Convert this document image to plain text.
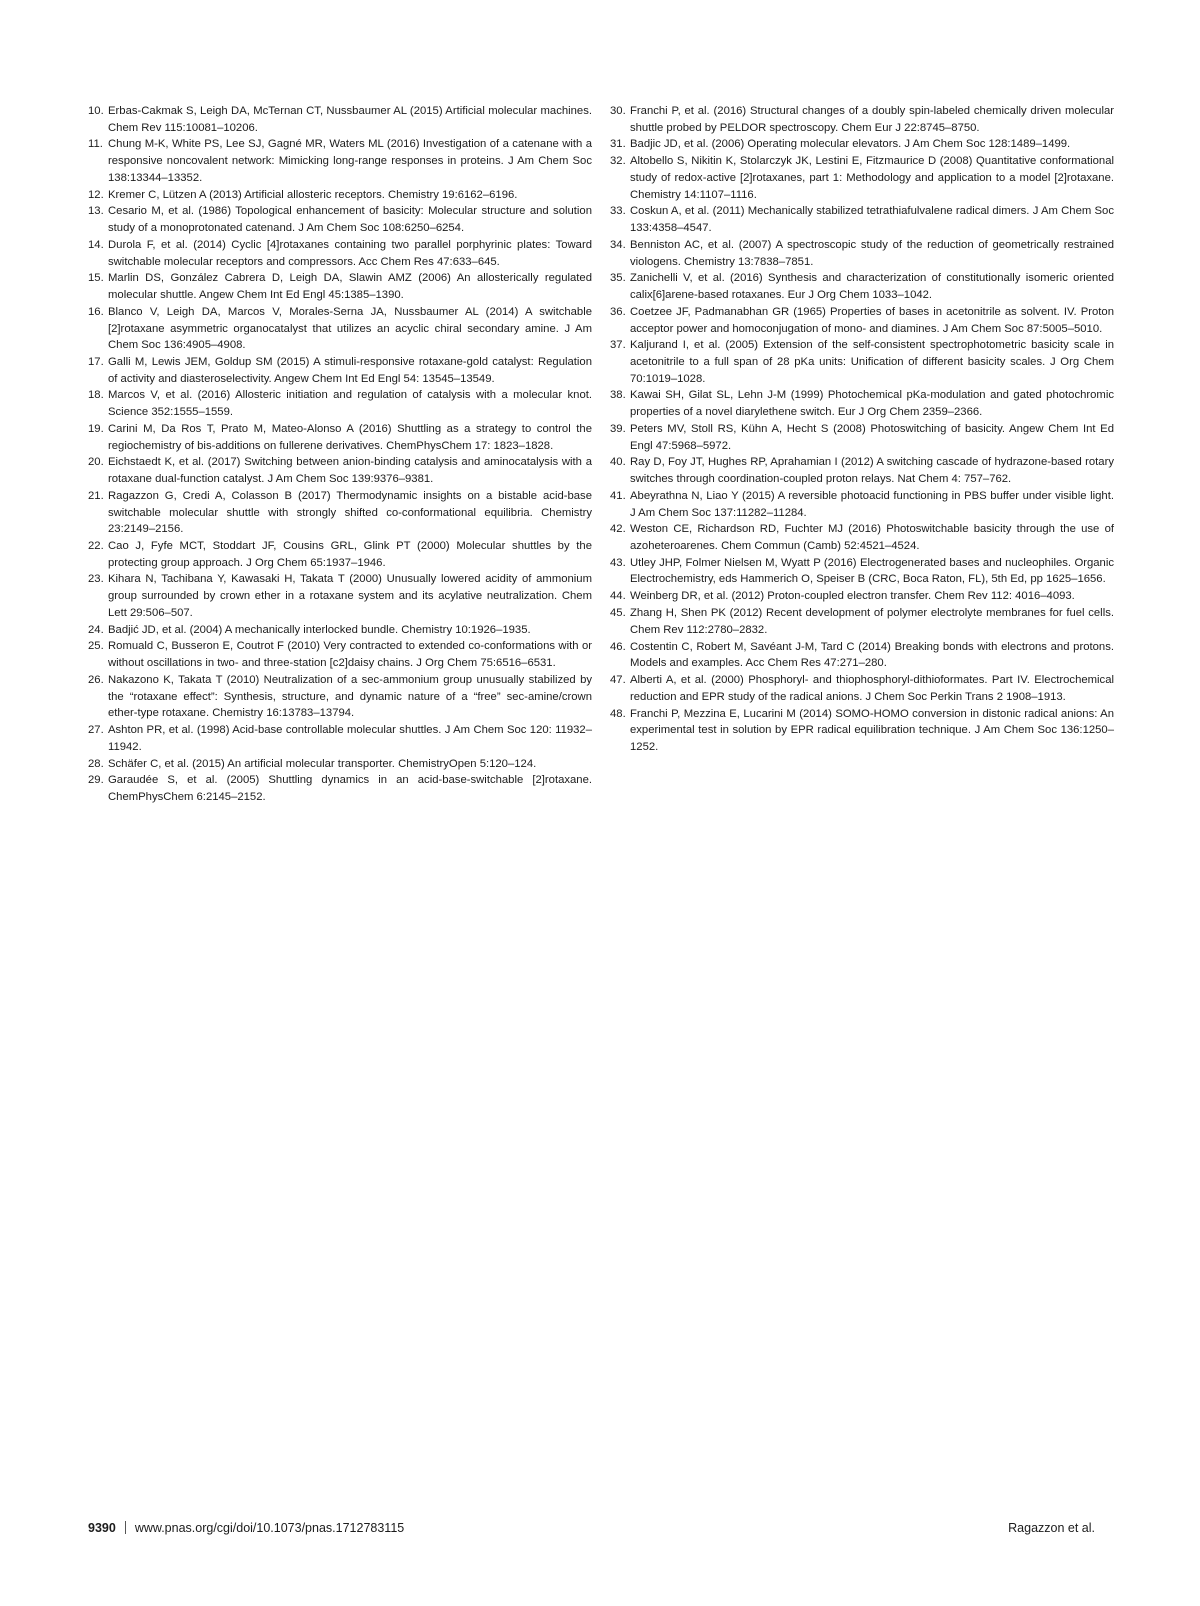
10. Erbas-Cakmak S, Leigh DA, McTernan CT, Nussbaumer AL (2015) Artificial molecular machines. Chem Rev 115:10081–10206.
11. Chung M-K, White PS, Lee SJ, Gagné MR, Waters ML (2016) Investigation of a catenane with a responsive noncovalent network: Mimicking long-range responses in proteins. J Am Chem Soc 138:13344–13352.
12. Kremer C, Lützen A (2013) Artificial allosteric receptors. Chemistry 19:6162–6196.
13. Cesario M, et al. (1986) Topological enhancement of basicity: Molecular structure and solution study of a monoprotonated catenand. J Am Chem Soc 108:6250–6254.
14. Durola F, et al. (2014) Cyclic [4]rotaxanes containing two parallel porphyrinic plates: Toward switchable molecular receptors and compressors. Acc Chem Res 47:633–645.
15. Marlin DS, González Cabrera D, Leigh DA, Slawin AMZ (2006) An allosterically regulated molecular shuttle. Angew Chem Int Ed Engl 45:1385–1390.
16. Blanco V, Leigh DA, Marcos V, Morales-Serna JA, Nussbaumer AL (2014) A switchable [2]rotaxane asymmetric organocatalyst that utilizes an acyclic chiral secondary amine. J Am Chem Soc 136:4905–4908.
17. Galli M, Lewis JEM, Goldup SM (2015) A stimuli-responsive rotaxane-gold catalyst: Regulation of activity and diasteroselectivity. Angew Chem Int Ed Engl 54: 13545–13549.
18. Marcos V, et al. (2016) Allosteric initiation and regulation of catalysis with a molecular knot. Science 352:1555–1559.
19. Carini M, Da Ros T, Prato M, Mateo-Alonso A (2016) Shuttling as a strategy to control the regiochemistry of bis-additions on fullerene derivatives. ChemPhysChem 17: 1823–1828.
20. Eichstaedt K, et al. (2017) Switching between anion-binding catalysis and aminocatalysis with a rotaxane dual-function catalyst. J Am Chem Soc 139:9376–9381.
21. Ragazzon G, Credi A, Colasson B (2017) Thermodynamic insights on a bistable acid-base switchable molecular shuttle with strongly shifted co-conformational equilibria. Chemistry 23:2149–2156.
22. Cao J, Fyfe MCT, Stoddart JF, Cousins GRL, Glink PT (2000) Molecular shuttles by the protecting group approach. J Org Chem 65:1937–1946.
23. Kihara N, Tachibana Y, Kawasaki H, Takata T (2000) Unusually lowered acidity of ammonium group surrounded by crown ether in a rotaxane system and its acylative neutralization. Chem Lett 29:506–507.
24. Badjić JD, et al. (2004) A mechanically interlocked bundle. Chemistry 10:1926–1935.
25. Romuald C, Busseron E, Coutrot F (2010) Very contracted to extended co-conformations with or without oscillations in two- and three-station [c2]daisy chains. J Org Chem 75:6516–6531.
26. Nakazono K, Takata T (2010) Neutralization of a sec-ammonium group unusually stabilized by the “rotaxane effect”: Synthesis, structure, and dynamic nature of a “free” sec-amine/crown ether-type rotaxane. Chemistry 16:13783–13794.
27. Ashton PR, et al. (1998) Acid-base controllable molecular shuttles. J Am Chem Soc 120: 11932–11942.
28. Schäfer C, et al. (2015) An artificial molecular transporter. ChemistryOpen 5:120–124.
29. Garaudée S, et al. (2005) Shuttling dynamics in an acid-base-switchable [2]rotaxane. ChemPhysChem 6:2145–2152.
30. Franchi P, et al. (2016) Structural changes of a doubly spin-labeled chemically driven molecular shuttle probed by PELDOR spectroscopy. Chem Eur J 22:8745–8750.
31. Badjic JD, et al. (2006) Operating molecular elevators. J Am Chem Soc 128:1489–1499.
32. Altobello S, Nikitin K, Stolarczyk JK, Lestini E, Fitzmaurice D (2008) Quantitative conformational study of redox-active [2]rotaxanes, part 1: Methodology and application to a model [2]rotaxane. Chemistry 14:1107–1116.
33. Coskun A, et al. (2011) Mechanically stabilized tetrathiafulvalene radical dimers. J Am Chem Soc 133:4358–4547.
34. Benniston AC, et al. (2007) A spectroscopic study of the reduction of geometrically restrained viologens. Chemistry 13:7838–7851.
35. Zanichelli V, et al. (2016) Synthesis and characterization of constitutionally isomeric oriented calix[6]arene-based rotaxanes. Eur J Org Chem 1033–1042.
36. Coetzee JF, Padmanabhan GR (1965) Properties of bases in acetonitrile as solvent. IV. Proton acceptor power and homoconjugation of mono- and diamines. J Am Chem Soc 87:5005–5010.
37. Kaljurand I, et al. (2005) Extension of the self-consistent spectrophotometric basicity scale in acetonitrile to a full span of 28 pKa units: Unification of different basicity scales. J Org Chem 70:1019–1028.
38. Kawai SH, Gilat SL, Lehn J-M (1999) Photochemical pKa-modulation and gated photochromic properties of a novel diarylethene switch. Eur J Org Chem 2359–2366.
39. Peters MV, Stoll RS, Kühn A, Hecht S (2008) Photoswitching of basicity. Angew Chem Int Ed Engl 47:5968–5972.
40. Ray D, Foy JT, Hughes RP, Aprahamian I (2012) A switching cascade of hydrazone-based rotary switches through coordination-coupled proton relays. Nat Chem 4: 757–762.
41. Abeyrathna N, Liao Y (2015) A reversible photoacid functioning in PBS buffer under visible light. J Am Chem Soc 137:11282–11284.
42. Weston CE, Richardson RD, Fuchter MJ (2016) Photoswitchable basicity through the use of azoheteroarenes. Chem Commun (Camb) 52:4521–4524.
43. Utley JHP, Folmer Nielsen M, Wyatt P (2016) Electrogenerated bases and nucleophiles. Organic Electrochemistry, eds Hammerich O, Speiser B (CRC, Boca Raton, FL), 5th Ed, pp 1625–1656.
44. Weinberg DR, et al. (2012) Proton-coupled electron transfer. Chem Rev 112: 4016–4093.
45. Zhang H, Shen PK (2012) Recent development of polymer electrolyte membranes for fuel cells. Chem Rev 112:2780–2832.
46. Costentin C, Robert M, Savéant J-M, Tard C (2014) Breaking bonds with electrons and protons. Models and examples. Acc Chem Res 47:271–280.
47. Alberti A, et al. (2000) Phosphoryl- and thiophosphoryl-dithioformates. Part IV. Electrochemical reduction and EPR study of the radical anions. J Chem Soc Perkin Trans 2 1908–1913.
48. Franchi P, Mezzina E, Lucarini M (2014) SOMO-HOMO conversion in distonic radical anions: An experimental test in solution by EPR radical equilibration technique. J Am Chem Soc 136:1250–1252.
9390 www.pnas.org/cgi/doi/10.1073/pnas.1712783115	Ragazzon et al.
